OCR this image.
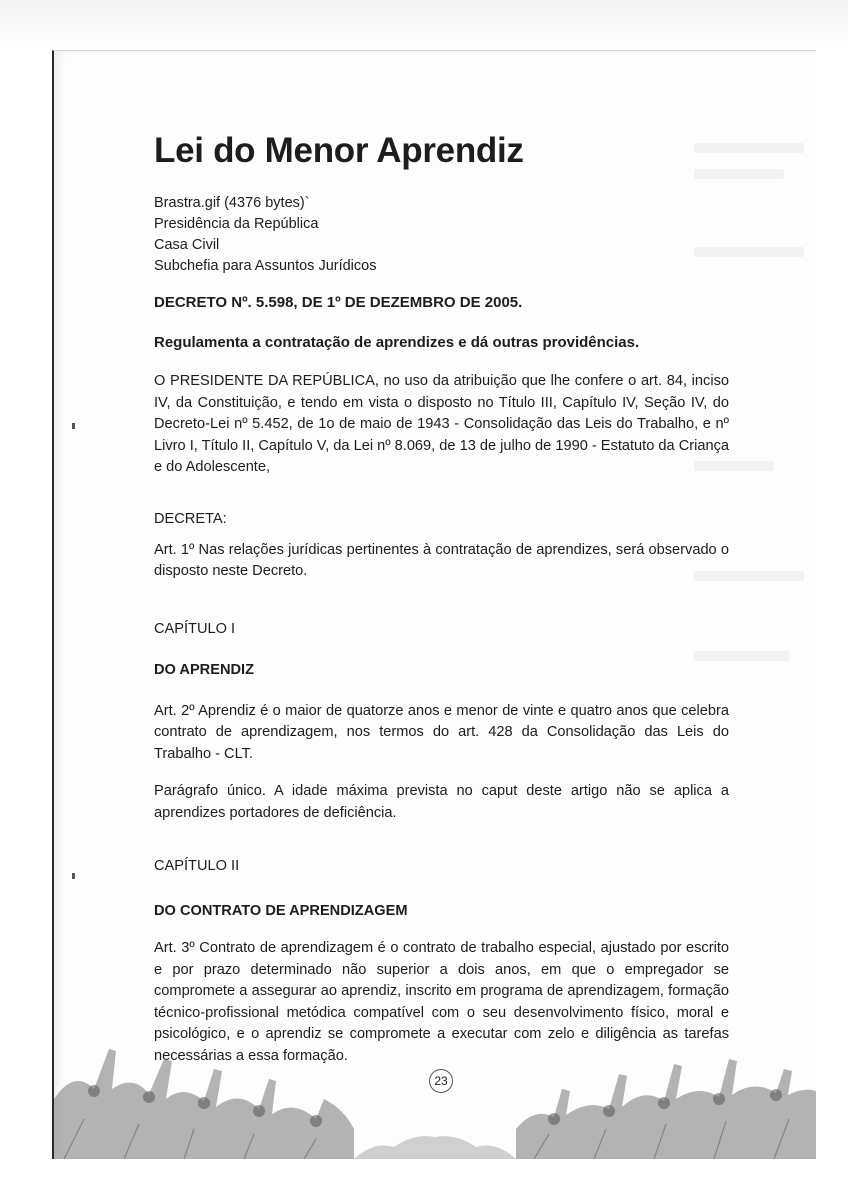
Lei do Menor Aprendiz
Brastra.gif (4376 bytes)`
Presidência da República
Casa Civil
Subchefia para Assuntos Jurídicos
DECRETO Nº. 5.598, DE 1º DE DEZEMBRO DE 2005.
Regulamenta a contratação de aprendizes e dá outras providências.

O PRESIDENTE DA REPÚBLICA, no uso da atribuição que lhe confere o art. 84, inciso IV, da Constituição, e tendo em vista o disposto no Título III, Capítulo IV, Seção IV, do Decreto-Lei nº 5.452, de 1o de maio de 1943 - Consolidação das Leis do Trabalho, e nº Livro I, Título II, Capítulo V, da Lei nº 8.069, de 13 de julho de 1990 - Estatuto da Criança e do Adolescente,

DECRETA:

Art. 1º Nas relações jurídicas pertinentes à contratação de aprendizes, será observado o disposto neste Decreto.

CAPÍTULO I
DO APRENDIZ

Art. 2º Aprendiz é o maior de quatorze anos e menor de vinte e quatro anos que celebra contrato de aprendizagem, nos termos do art. 428 da Consolidação das Leis do Trabalho - CLT.

Parágrafo único. A idade máxima prevista no caput deste artigo não se aplica a aprendizes portadores de deficiência.

CAPÍTULO II
DO CONTRATO DE APRENDIZAGEM

Art. 3º Contrato de aprendizagem é o contrato de trabalho especial, ajustado por escrito e por prazo determinado não superior a dois anos, em que o empregador se compromete a assegurar ao aprendiz, inscrito em programa de aprendizagem, formação técnico-profissional metódica compatível com o seu desenvolvimento físico, moral e psicológico, e o aprendiz se compromete a executar com zelo e diligência as tarefas necessárias a essa formação.

23
